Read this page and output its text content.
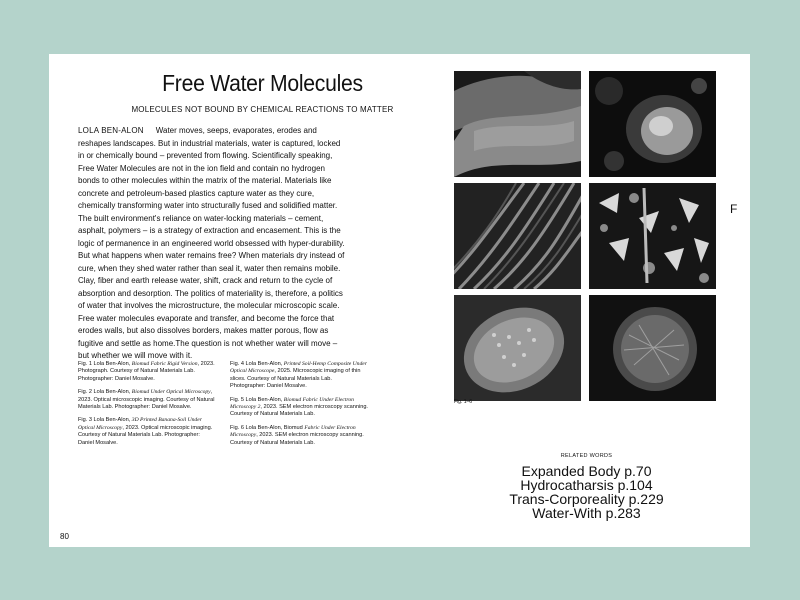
Free Water Molecules
MOLECULES NOT BOUND BY CHEMICAL REACTIONS TO MATTER
LOLA BEN-ALON Water moves, seeps, evaporates, erodes and reshapes landscapes. But in industrial materials, water is captured, locked in or chemically bound – prevented from flowing. Scientifically speaking, Free Water Molecules are not in the ion field and contain no hydrogen bonds to other molecules within the matrix of the material. Materials like concrete and petroleum-based plastics capture water as they cure, chemically transforming water into structurally fused and solidified matter. The built environment's reliance on water-locking materials – cement, asphalt, polymers – is a strategy of extraction and encasement. This is the logic of permanence in an engineered world obsessed with hyper-durability. But what happens when water remains free? When materials dry instead of cure, when they shed water rather than seal it, water then remains mobile. Clay, fiber and earth release water, shift, crack and return to the cycle of absorption and desorption. The politics of materiality is, therefore, a politics of water that involves the microstructure, the molecular microscopic scale. Free water molecules evaporate and transfer, and become the force that erodes walls, but also dissolves borders, makes matter porous, flow as fugitive and settle as home.The question is not whether water will move – but whether we will move with it.
Fig. 1 Lola Ben-Alon, Biomud Fabric Rigid Version, 2023. Photograph. Courtesy of Natural Materials Lab. Photographer: Daniel Mosalve.
Fig. 2 Lola Ben-Alon, Biomud Under Optical Microscopy, 2023. Optical microscopic imaging. Courtesy of Natural Materials Lab. Photographer: Daniel Mosalve.
Fig. 3 Lola Ben-Alon, 3D Printed Banana-Soil Under Optical Microscopy, 2023. Optical microscopic imaging. Courtesy of Natural Materials Lab. Photographer: Daniel Mosalve.
Fig. 4 Lola Ben-Alon, Printed Soil-Hemp Composite Under Optical Microscope, 2025. Microscopic imaging of thin slices. Courtesy of Natural Materials Lab. Photographer: Daniel Mosalve.
Fig. 5 Lola Ben-Alon, Biomud Fabric Under Electron Microscopy 2, 2023. SEM electron microscopy scanning. Courtesy of Natural Materials Lab.
Fig. 6 Lola Ben-Alon, Biomud Fabric Under Electron Microscopy, 2023. SEM electron microscopy scanning. Courtesy of Natural Materials Lab.
80
Fig. 1–6
F
RELATED WORDS
Expanded Body p.70
Hydrocatharsis p.104
Trans-Corporeality p.229
Water-With p.283
